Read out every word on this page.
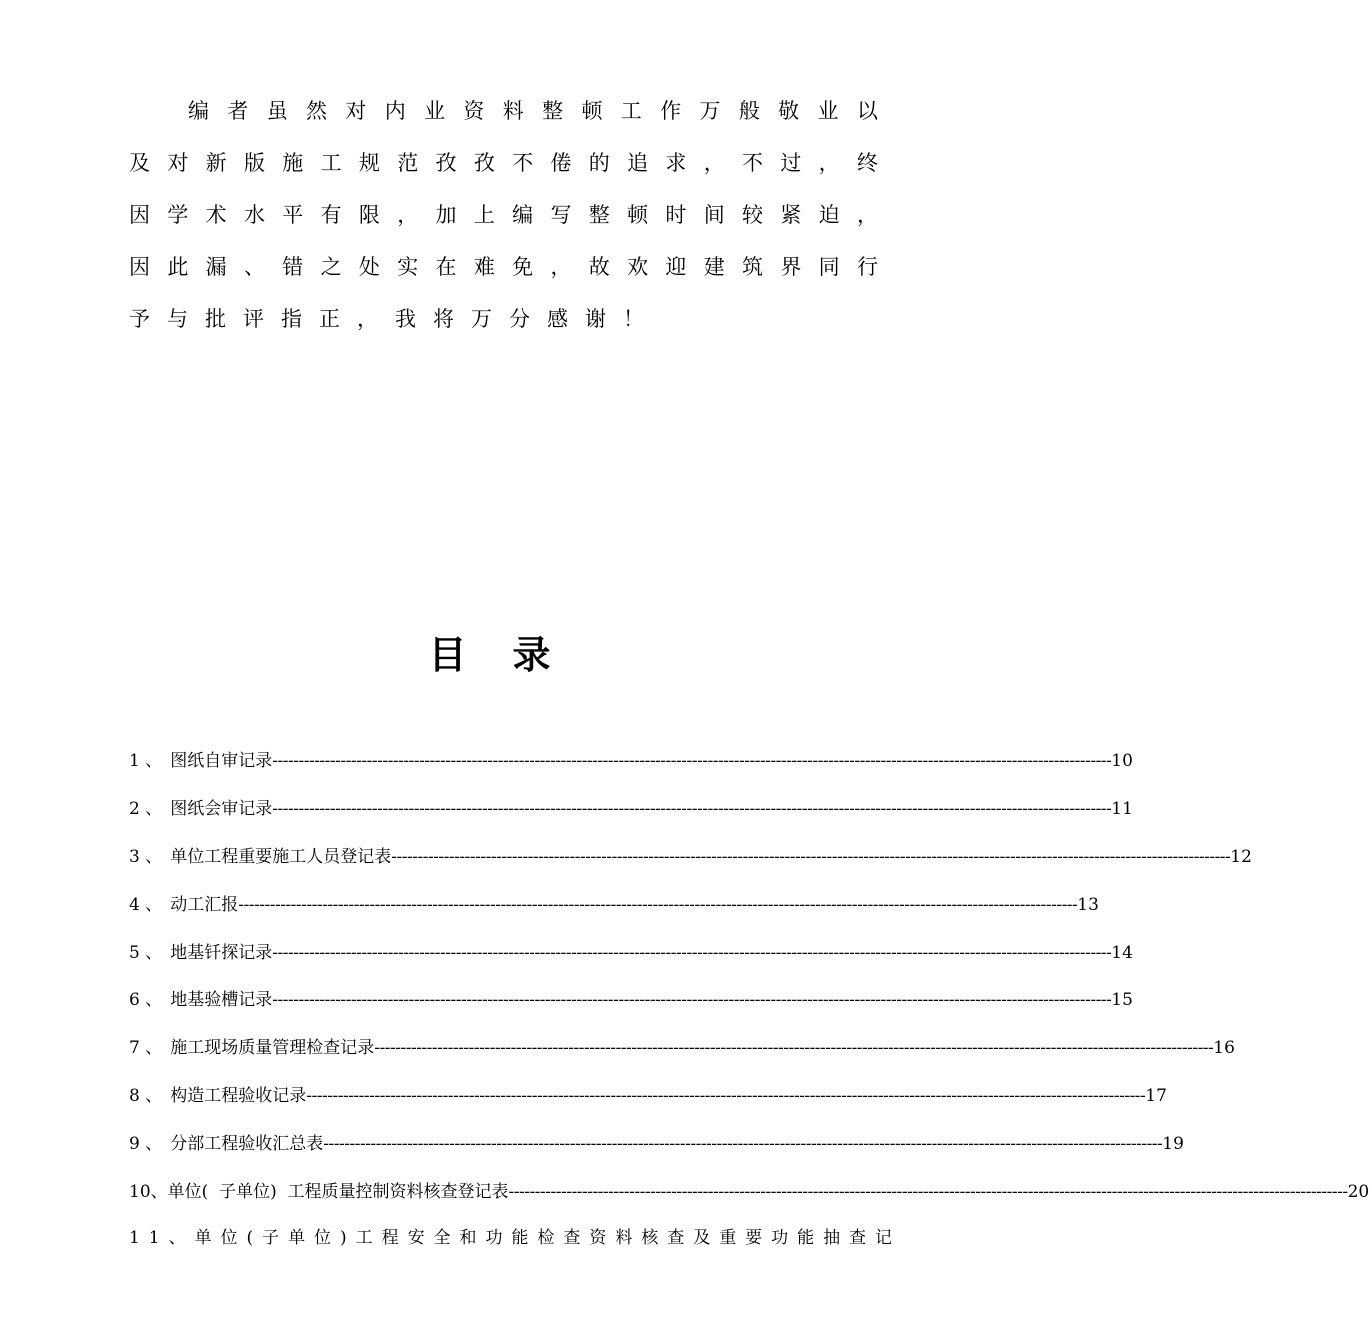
编 者 虽 然 对 内 业 资 料 整 顿 工 作 万 般 敬 业 以
及 对 新 版 施 工 规 范 孜 孜 不 倦 的 追 求 ， 不 过 ， 终
因 学 术 水 平 有 限 ， 加 上 编 写 整 顿 时 间 较 紧 迫 ，
因 此 漏 、 错 之 处 实 在 难 免 ， 故 欢 迎 建 筑 界 同 行
予 与 批 评 指 正 ， 我 将 万 分 感 谢 ！
目录
1 、 图纸自审记录 ---------------------------------------------------------------------------------------------------------------------------------------------------------------- 10
2 、 图纸会审记录 ---------------------------------------------------------------------------------------------------------------------------------------------------------------- 11
3 、 单位工程重要施工人员登记表 ---------------------------------------------------------------------------------------------------------------------------------------------------------------- 12
4 、 动工汇报 ---------------------------------------------------------------------------------------------------------------------------------------------------------------- 13
5 、 地基钎探记录 ---------------------------------------------------------------------------------------------------------------------------------------------------------------- 14
6 、 地基验槽记录 ---------------------------------------------------------------------------------------------------------------------------------------------------------------- 15
7 、 施工现场质量管理检查记录 ---------------------------------------------------------------------------------------------------------------------------------------------------------------- 16
8 、 构造工程验收记录 ---------------------------------------------------------------------------------------------------------------------------------------------------------------- 17
9 、 分部工程验收汇总表 ---------------------------------------------------------------------------------------------------------------------------------------------------------------- 19
10、 单位(  子单位)  工程质量控制资料核查登记表 ---------------------------------------------------------------------------------------------------------------------------------------------------------------- 20
1 1 、 单 位 ( 子 单 位 ) 工 程 安 全 和 功 能 检 查 资 料 核 查 及 重 要 功 能 抽 查 记
